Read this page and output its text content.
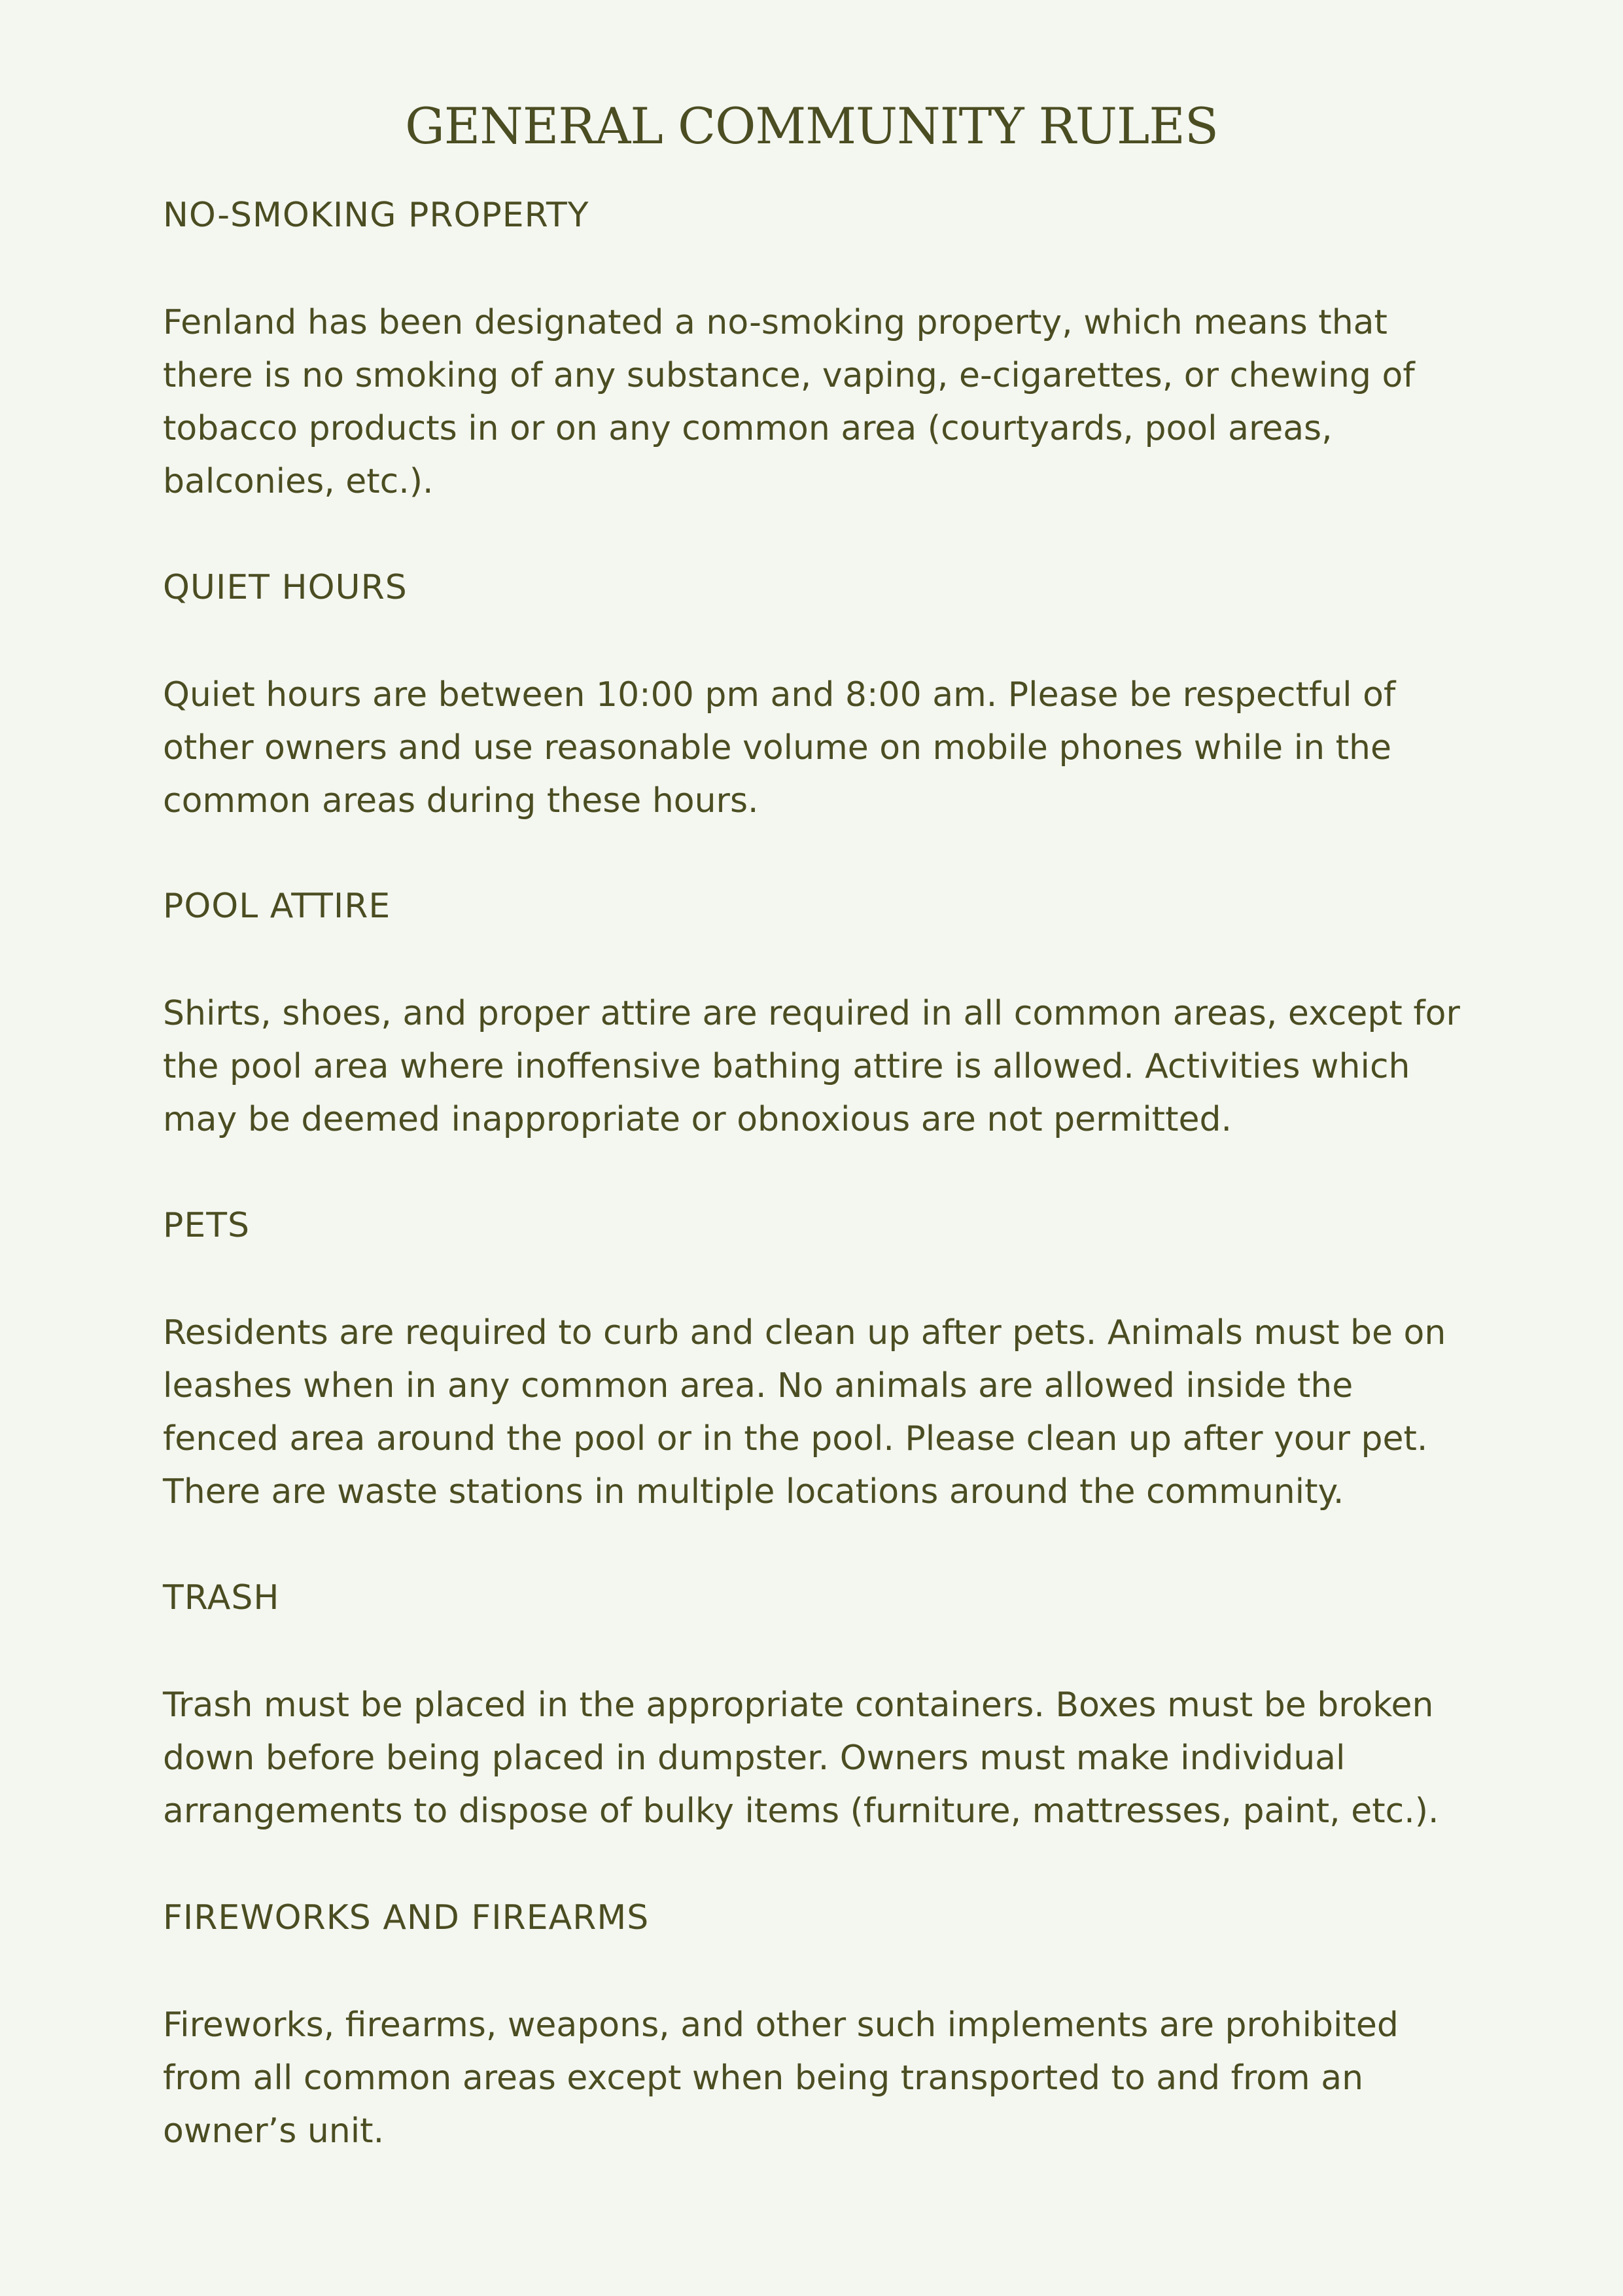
GENERAL COMMUNITY RULES
NO-SMOKING PROPERTY

Fenland has been designated a no-smoking property, which means that there is no smoking of any substance, vaping, e-cigarettes, or chewing of tobacco products in or on any common area (courtyards, pool areas, balconies, etc.).

QUIET HOURS

Quiet hours are between 10:00 pm and 8:00 am. Please be respectful of other owners and use reasonable volume on mobile phones while in the common areas during these hours.

POOL ATTIRE

Shirts, shoes, and proper attire are required in all common areas, except for the pool area where inoffensive bathing attire is allowed. Activities which may be deemed inappropriate or obnoxious are not permitted.

PETS

Residents are required to curb and clean up after pets. Animals must be on leashes when in any common area. No animals are allowed inside the fenced area around the pool or in the pool. Please clean up after your pet. There are waste stations in multiple locations around the community.

TRASH

Trash must be placed in the appropriate containers. Boxes must be broken down before being placed in dumpster. Owners must make individual arrangements to dispose of bulky items (furniture, mattresses, paint, etc.).

FIREWORKS AND FIREARMS

Fireworks, firearms, weapons, and other such implements are prohibited from all common areas except when being transported to and from an owner’s unit.
